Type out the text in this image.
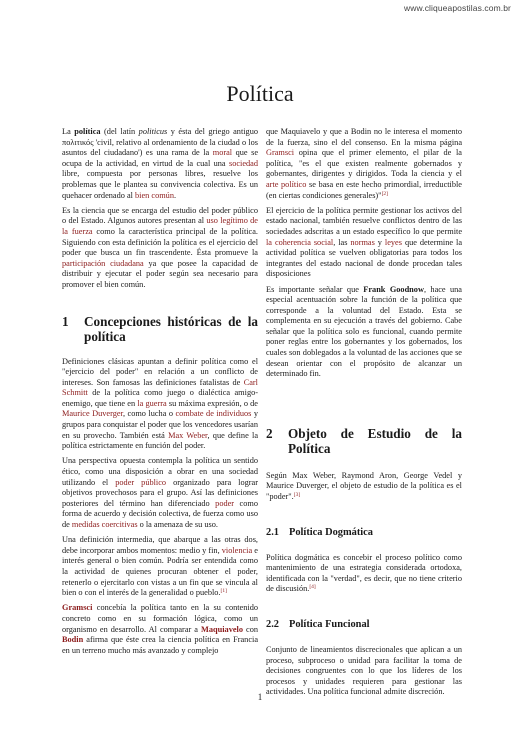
www.cliqueapostilas.com.br
Política

La política (del latín politicus y ésta del griego antiguo πολιτικός 'civil, relativo al ordenamiento de la ciudad o los asuntos del ciudadano') es una rama de la moral que se ocupa de la actividad, en virtud de la cual una sociedad libre, compuesta por personas libres, resuelve los problemas que le plantea su convivencia colectiva. Es un quehacer ordenado al bien común.

Es la ciencia que se encarga del estudio del poder público o del Estado. Algunos autores presentan al uso legítimo de la fuerza como la característica principal de la política. Siguiendo con esta definición la política es el ejercicio del poder que busca un fin trascendente. Ésta promueve la participación ciudadana ya que posee la capacidad de distribuir y ejecutar el poder según sea necesario para promover el bien común.

1	Concepciones históricas de la política

Definiciones clásicas apuntan a definir política como el "ejercicio del poder" en relación a un conflicto de intereses. Son famosas las definiciones fatalistas de Carl Schmitt de la política como juego o dialéctica amigo-enemigo, que tiene en la guerra su máxima expresión, o de Maurice Duverger, como lucha o combate de individuos y grupos para conquistar el poder que los vencedores usarían en su provecho. También está Max Weber, que define la política estrictamente en función del poder.

Una perspectiva opuesta contempla la política un sentido ético, como una disposición a obrar en una sociedad utilizando el poder público organizado para lograr objetivos provechosos para el grupo. Así las definiciones posteriores del término han diferenciado poder como forma de acuerdo y decisión colectiva, de fuerza como uso de medidas coercitivas o la amenaza de su uso.

Una definición intermedia, que abarque a las otras dos, debe incorporar ambos momentos: medio y fin, violencia e interés general o bien común. Podría ser entendida como la actividad de quienes procuran obtener el poder, retenerlo o ejercitarlo con vistas a un fin que se vincula al bien o con el interés de la generalidad o pueblo.[1]

Gramsci concebía la política tanto en la su contenido concreto como en su formación lógica, como un organismo en desarrollo. Al comparar a Maquiavelo con Bodin afirma que éste crea la ciencia política en Francia en un terreno mucho más avanzado y complejo

que Maquiavelo y que a Bodin no le interesa el momento de la fuerza, sino el del consenso. En la misma página Gramsci opina que el primer elemento, el pilar de la política, "es el que existen realmente gobernados y gobernantes, dirigentes y dirigidos. Toda la ciencia y el arte político se basa en este hecho primordial, irreductible (en ciertas condiciones generales)"[2]

El ejercicio de la política permite gestionar los activos del estado nacional, también resuelve conflictos dentro de las sociedades adscritas a un estado específico lo que permite la coherencia social, las normas y leyes que determine la actividad política se vuelven obligatorias para todos los integrantes del estado nacional de donde procedan tales disposiciones

Es importante señalar que Frank Goodnow, hace una especial acentuación sobre la función de la política que corresponde a la voluntad del Estado. Esta se complementa en su ejecución a través del gobierno. Cabe señalar que la política solo es funcional, cuando permite poner reglas entre los gobernantes y los gobernados, los cuales son doblegados a la voluntad de las acciones que se desean orientar con el propósito de alcanzar un determinado fin.

2	Objeto de Estudio de la Política

Según Max Weber, Raymond Aron, George Vedel y Maurice Duverger, el objeto de estudio de la política es el "poder".[3]

2.1 Política Dogmática

Política dogmática es concebir el proceso político como mantenimiento de una estrategia considerada ortodoxa, identificada con la "verdad", es decir, que no tiene criterio de discusión.[4]

2.2 Política Funcional

Conjunto de lineamientos discrecionales que aplican a un proceso, subproceso o unidad para facilitar la toma de decisiones congruentes con lo que los líderes de los procesos y unidades requieren para gestionar las actividades. Una política funcional admite discreción.

1
